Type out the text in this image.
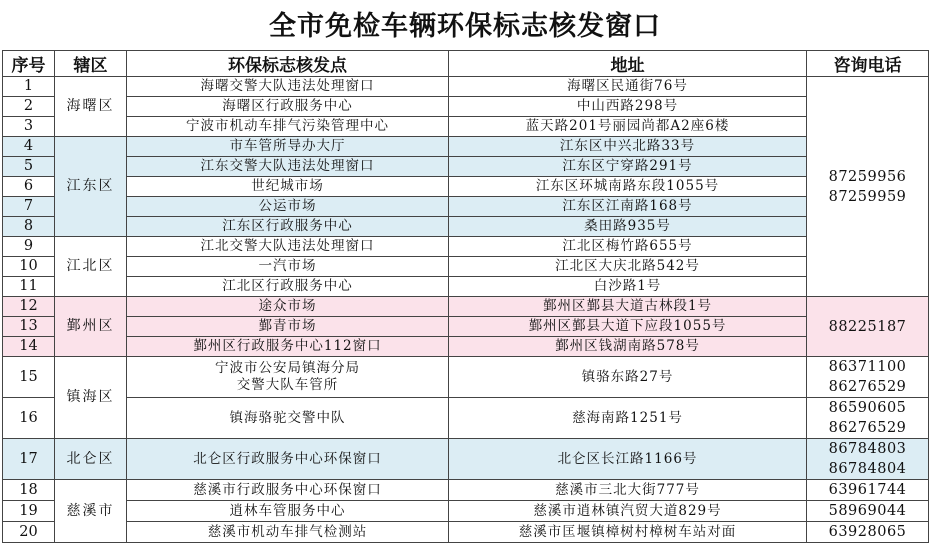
全市免检车辆环保标志核发窗口
序号	辖区	环保标志核发点	地址	咨询电话
1	海曙区	海曙交警大队违法处理窗口	海曙区民通街76号	87259956
87259959

2		海曙区行政服务中心	中山西路298号	
3		宁波市机动车排气污染管理中心	蓝天路201号丽园尚都A2座6楼	
4	江东区	市车管所导办大厅	江东区中兴北路33号	
5		江东交警大队违法处理窗口	江东区宁穿路291号	
6		世纪城市场	江东区环城南路东段1055号	
7		公运市场	江东区江南路168号	
8		江东区行政服务中心	桑田路935号	
9	江北区	江北交警大队违法处理窗口	江北区梅竹路655号	
10		一汽市场	江北区大庆北路542号	
11		江北区行政服务中心	白沙路1号	
12	鄞州区	途众市场	鄞州区鄞县大道古林段1号	88225187
13		鄞青市场	鄞州区鄞县大道下应段1055号	
14		鄞州区行政服务中心112窗口	鄞州区钱湖南路578号	
15	镇海区	宁波市公安局镇海分局
交警大队车管所	镇骆东路27号	86371100
86276529

16		镇海骆驼交警中队	慈海南路1251号	86590605
86276529

17	北仑区	北仑区行政服务中心环保窗口	北仑区长江路1166号	86784803
86784804

18	慈溪市	慈溪市行政服务中心环保窗口	慈溪市三北大街777号	63961744
19		逍林车管服务中心	慈溪市逍林镇汽贸大道829号	58969044
20		慈溪市机动车排气检测站	慈溪市匡堰镇樟树村樟树车站对面	63928065
